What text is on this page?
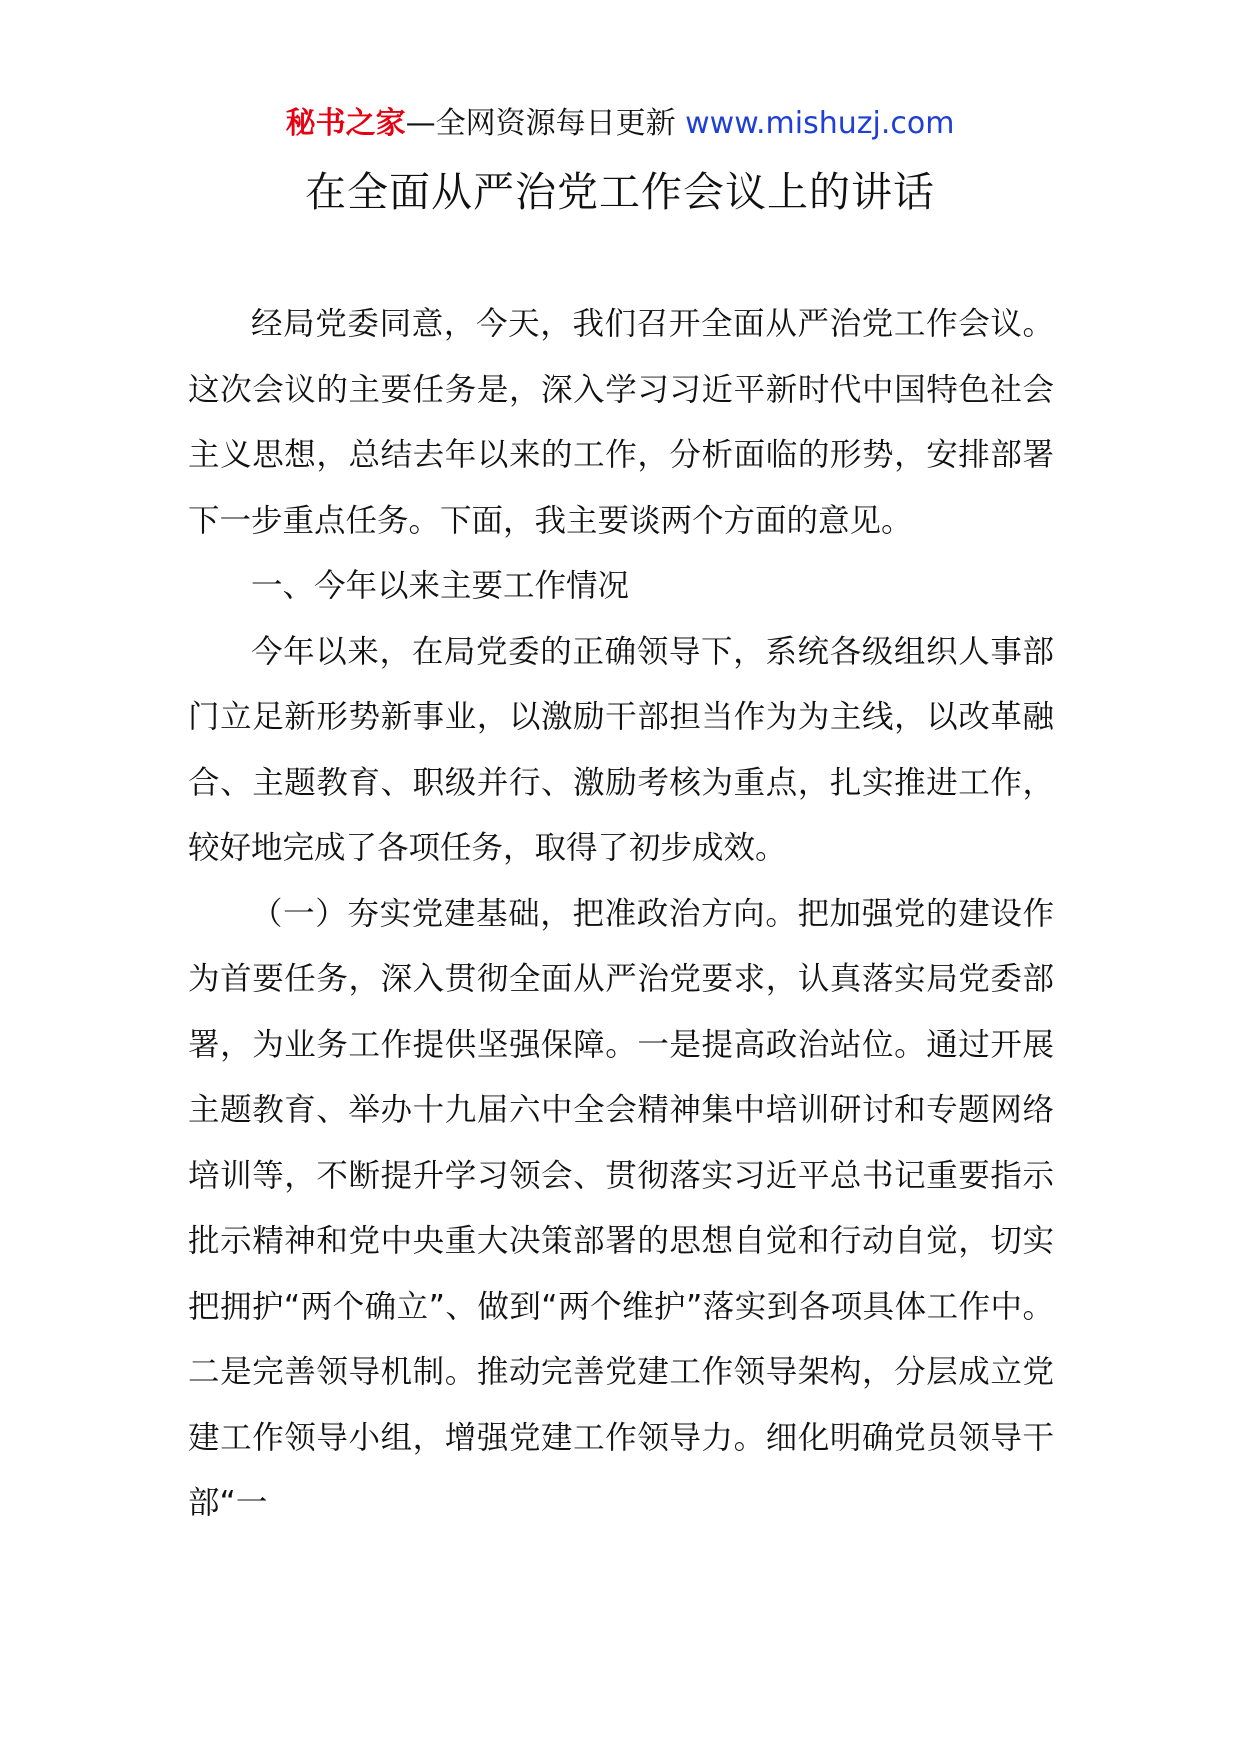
秘书之家—全网资源每日更新 www.mishuzj.com
在全面从严治党工作会议上的讲话

经局党委同意，今天，我们召开全面从严治党工作会议。这次会议的主要任务是，深入学习习近平新时代中国特色社会主义思想，总结去年以来的工作，分析面临的形势，安排部署下一步重点任务。下面，我主要谈两个方面的意见。

一、今年以来主要工作情况

今年以来，在局党委的正确领导下，系统各级组织人事部门立足新形势新事业，以激励干部担当作为为主线，以改革融合、主题教育、职级并行、激励考核为重点，扎实推进工作，较好地完成了各项任务，取得了初步成效。

（一）夯实党建基础，把准政治方向。把加强党的建设作为首要任务，深入贯彻全面从严治党要求，认真落实局党委部署，为业务工作提供坚强保障。一是提高政治站位。通过开展主题教育、举办十九届六中全会精神集中培训研讨和专题网络培训等，不断提升学习领会、贯彻落实习近平总书记重要指示批示精神和党中央重大决策部署的思想自觉和行动自觉，切实把拥护“两个确立”、做到“两个维护”落实到各项具体工作中。二是完善领导机制。推动完善党建工作领导架构，分层成立党建工作领导小组，增强党建工作领导力。细化明确党员领导干部“一
